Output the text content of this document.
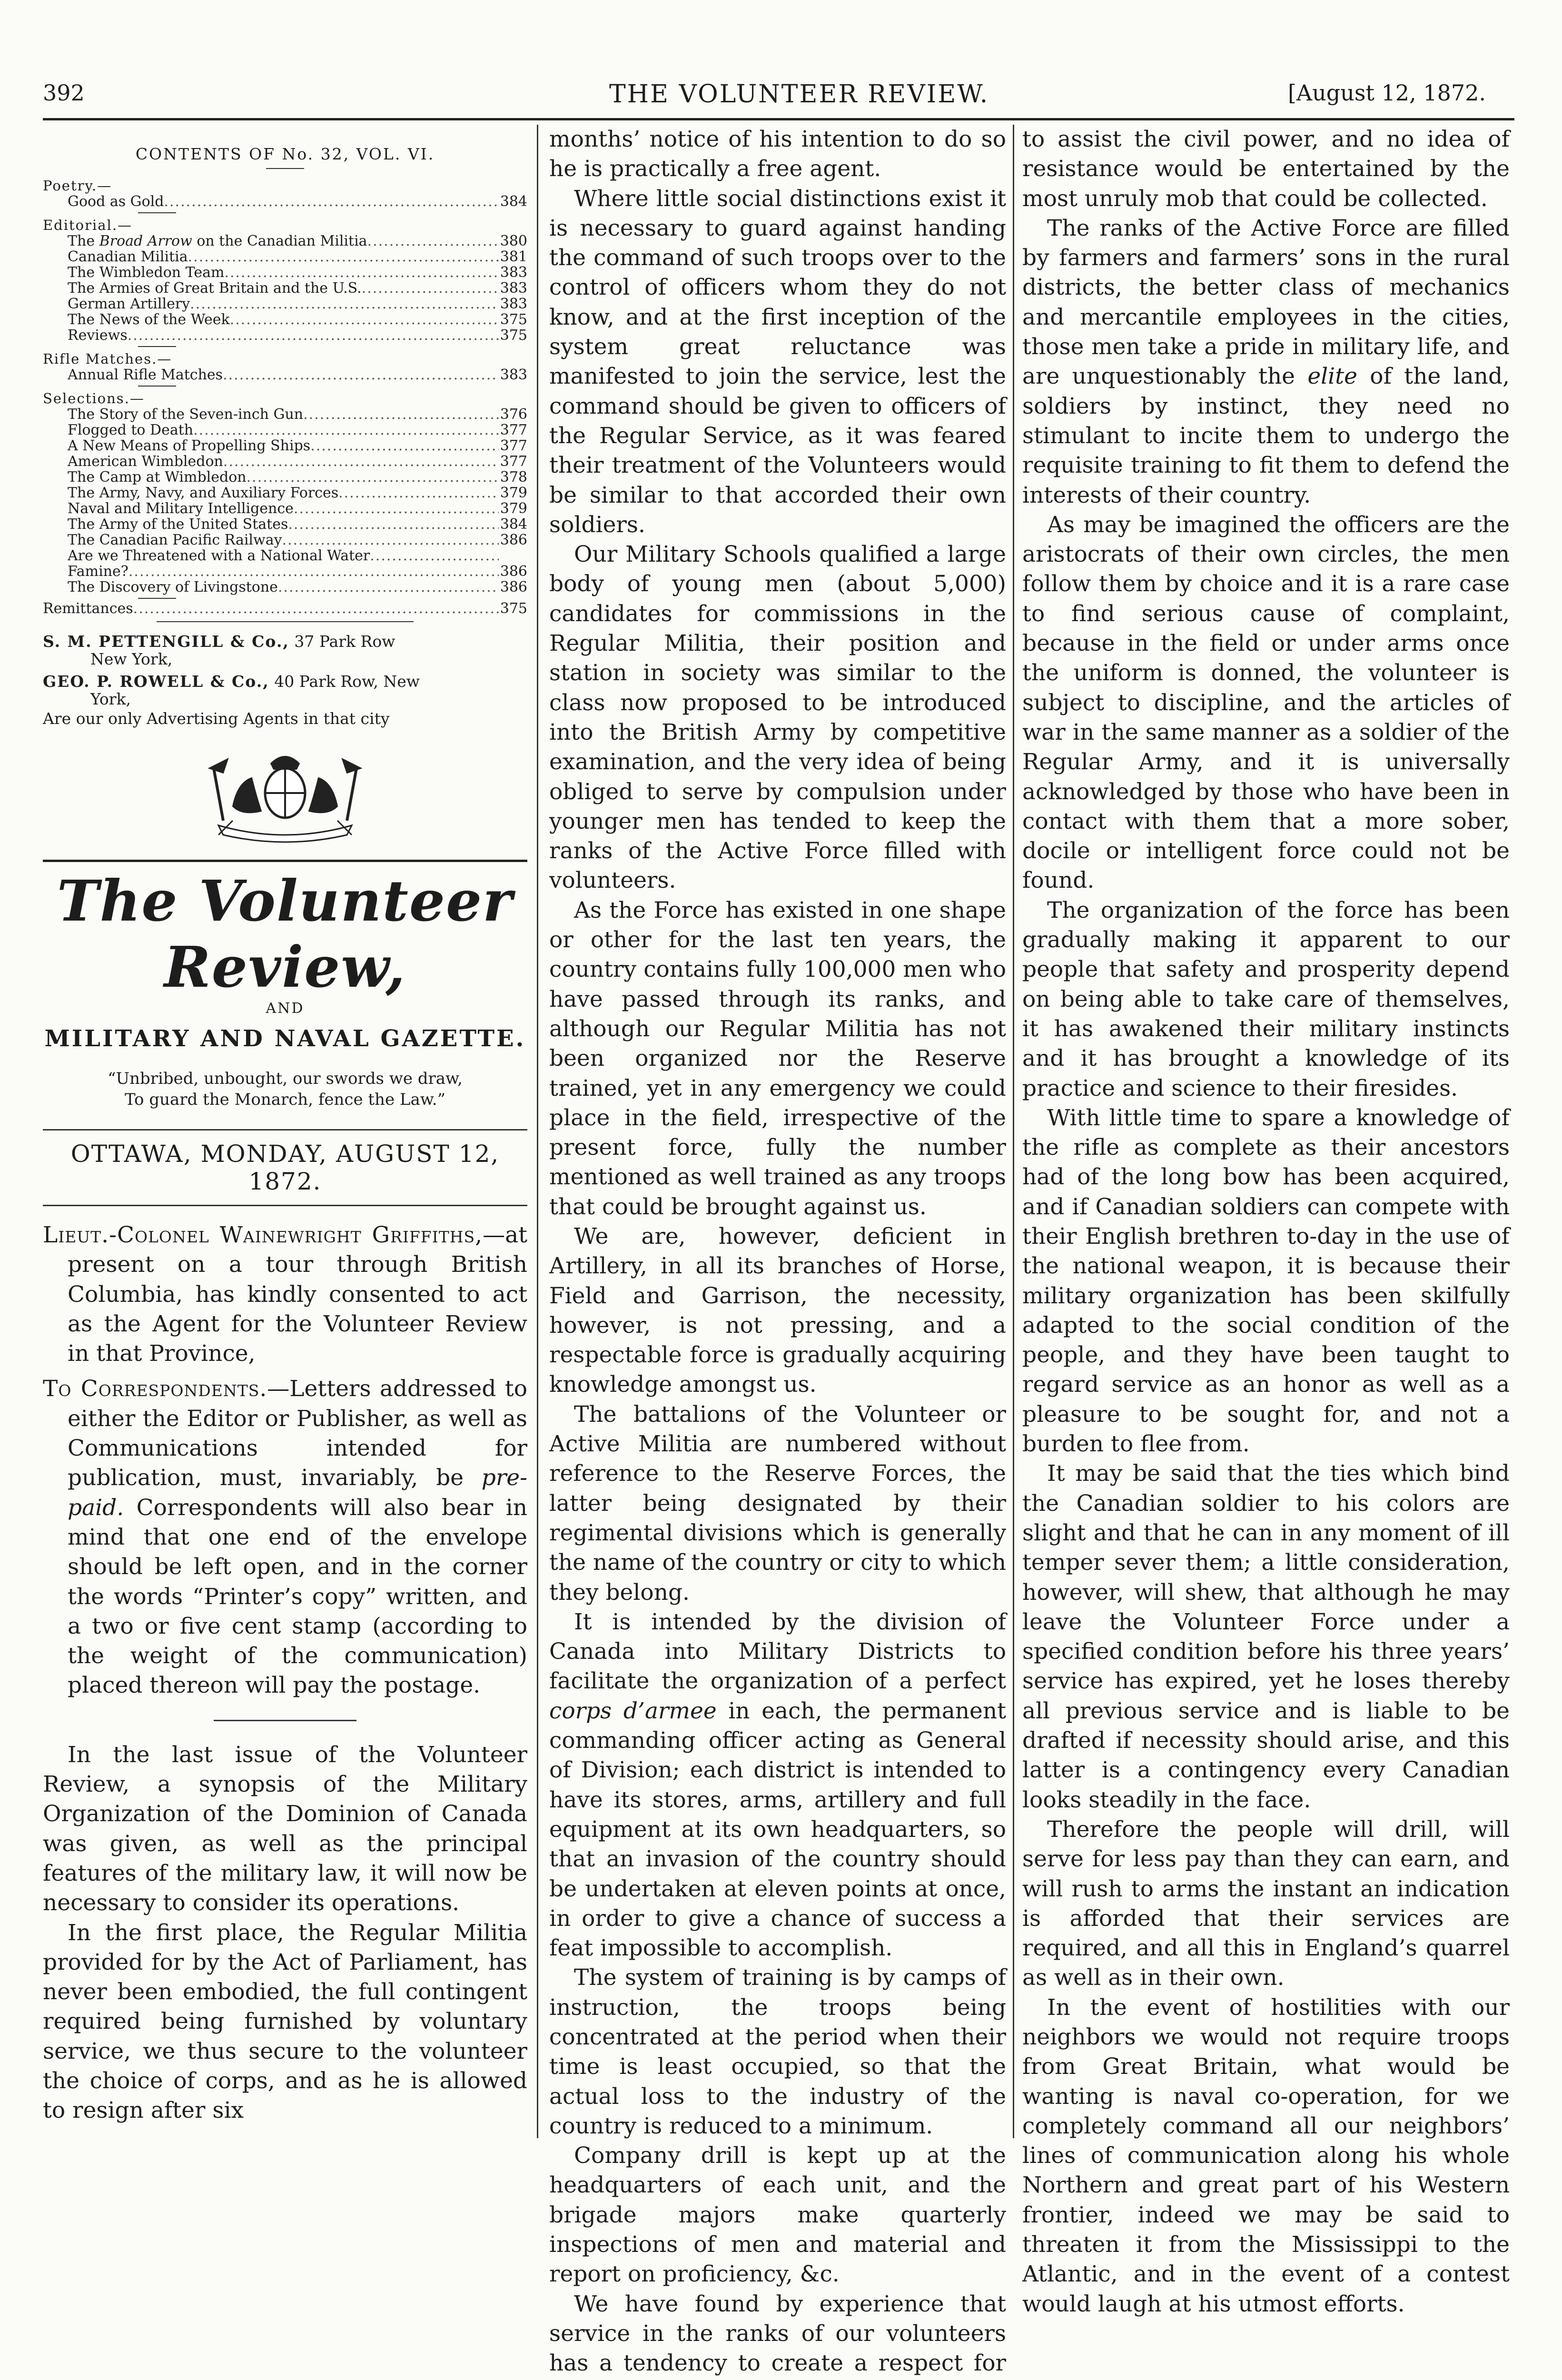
392	THE VOLUNTEER REVIEW.	[August 12, 1872.
CONTENTS OF No. 32, VOL. VI.
Poetry.—
Good as Gold .....	384
Editorial.—
The Broad Arrow on the Canadian Militia .....	380
Canadian Militia .....	381
The Wimbledon Team .....	383
The Armies of Great Britain and the U.S. .....	383
German Artillery .....	383
The News of the Week .....	375
Reviews .....	375
Rifle Matches.—
Annual Rifle Matches .....	383
Selections.—
The Story of the Seven-inch Gun .....	376
Flogged to Death .....	377
A New Means of Propelling Ships .....	377
American Wimbledon .....	377
The Camp at Wimbledon .....	378
The Army, Navy, and Auxiliary Forces .....	379
Naval and Military Intelligence .....	379
The Army of the United States .....	384
The Canadian Pacific Railway .....	386
Are we Threatened with a National Water
.....
Famine? .....	386
The Discovery of Livingstone .....	386
Remittances .....	375
S. M. PETTENGILL & Co., 37 Park Row
New York,
GEO. P. ROWELL & Co., 40 Park Row, New
York,
Are our only Advertising Agents in that city
The Volunteer Review,
AND
MILITARY AND NAVAL GAZETTE.
“Unbribed, unbought, our swords we draw,
To guard the Monarch, fence the Law.”
OTTAWA, MONDAY, AUGUST 12, 1872.

Lieut.-Colonel Wainewright Griffiths,—at present on a tour through British Columbia, has kindly consented to act as the Agent for the Volunteer Review in that Province,

To Correspondents.—Letters addressed to either the Editor or Publisher, as well as Communications intended for publication, must, invariably, be pre-paid. Correspondents will also bear in mind that one end of the envelope should be left open, and in the corner the words “Printer’s copy” written, and a two or five cent stamp (according to the weight of the communication) placed thereon will pay the postage.

In the last issue of the Volunteer Review, a synopsis of the Military Organization of the Dominion of Canada was given, as well as the principal features of the military law, it will now be necessary to consider its operations.

In the first place, the Regular Militia provided for by the Act of Parliament, has never been embodied, the full contingent required being furnished by voluntary service, we thus secure to the volunteer the choice of corps, and as he is allowed to resign after six

months’ notice of his intention to do so he is practically a free agent.

Where little social distinctions exist it is necessary to guard against handing the command of such troops over to the control of officers whom they do not know, and at the first inception of the system great reluctance was manifested to join the service, lest the command should be given to officers of the Regular Service, as it was feared their treatment of the Volunteers would be similar to that accorded their own soldiers.

Our Military Schools qualified a large body of young men (about 5,000) candidates for commissions in the Regular Militia, their position and station in society was similar to the class now proposed to be introduced into the British Army by competitive examination, and the very idea of being obliged to serve by compulsion under younger men has tended to keep the ranks of the Active Force filled with volunteers.

As the Force has existed in one shape or other for the last ten years, the country contains fully 100,000 men who have passed through its ranks, and although our Regular Militia has not been organized nor the Reserve trained, yet in any emergency we could place in the field, irrespective of the present force, fully the number mentioned as well trained as any troops that could be brought against us.

We are, however, deficient in Artillery, in all its branches of Horse, Field and Garrison, the necessity, however, is not pressing, and a respectable force is gradually acquiring knowledge amongst us.

The battalions of the Volunteer or Active Militia are numbered without reference to the Reserve Forces, the latter being designated by their regimental divisions which is generally the name of the country or city to which they belong.

It is intended by the division of Canada into Military Districts to facilitate the organization of a perfect corps d’armee in each, the permanent commanding officer acting as General of Division; each district is intended to have its stores, arms, artillery and full equipment at its own headquarters, so that an invasion of the country should be undertaken at eleven points at once, in order to give a chance of success a feat impossible to accomplish.

The system of training is by camps of instruction, the troops being concentrated at the period when their time is least occupied, so that the actual loss to the industry of the country is reduced to a minimum.

Company drill is kept up at the headquarters of each unit, and the brigade majors make quarterly inspections of men and material and report on proficiency, &c.

We have found by experience that service in the ranks of our volunteers has a tendency to create a respect for

to assist the civil power, and no idea of resistance would be entertained by the most unruly mob that could be collected.

The ranks of the Active Force are filled by farmers and farmers’ sons in the rural districts, the better class of mechanics and mercantile employees in the cities, those men take a pride in military life, and are unquestionably the elite of the land, soldiers by instinct, they need no stimulant to incite them to undergo the requisite training to fit them to defend the interests of their country.

As may be imagined the officers are the aristocrats of their own circles, the men follow them by choice and it is a rare case to find serious cause of complaint, because in the field or under arms once the uniform is donned, the volunteer is subject to discipline, and the articles of war in the same manner as a soldier of the Regular Army, and it is universally acknowledged by those who have been in contact with them that a more sober, docile or intelligent force could not be found.

The organization of the force has been gradually making it apparent to our people that safety and prosperity depend on being able to take care of themselves, it has awakened their military instincts and it has brought a knowledge of its practice and science to their firesides.

With little time to spare a knowledge of the rifle as complete as their ancestors had of the long bow has been acquired, and if Canadian soldiers can compete with their English brethren to-day in the use of the national weapon, it is because their military organization has been skilfully adapted to the social condition of the people, and they have been taught to regard service as an honor as well as a pleasure to be sought for, and not a burden to flee from.

It may be said that the ties which bind the Canadian soldier to his colors are slight and that he can in any moment of ill temper sever them; a little consideration, however, will shew, that although he may leave the Volunteer Force under a specified condition before his three years’ service has expired, yet he loses thereby all previous service and is liable to be drafted if necessity should arise, and this latter is a contingency every Canadian looks steadily in the face.

Therefore the people will drill, will serve for less pay than they can earn, and will rush to arms the instant an indication is afforded that their services are required, and all this in England’s quarrel as well as in their own.

In the event of hostilities with our neighbors we would not require troops from Great Britain, what would be wanting is naval co-operation, for we completely command all our neighbors’ lines of communication along his whole Northern and great part of his Western frontier, indeed we may be said to threaten it from the Mississippi to the Atlantic, and in the event of a contest would laugh at his utmost efforts.
